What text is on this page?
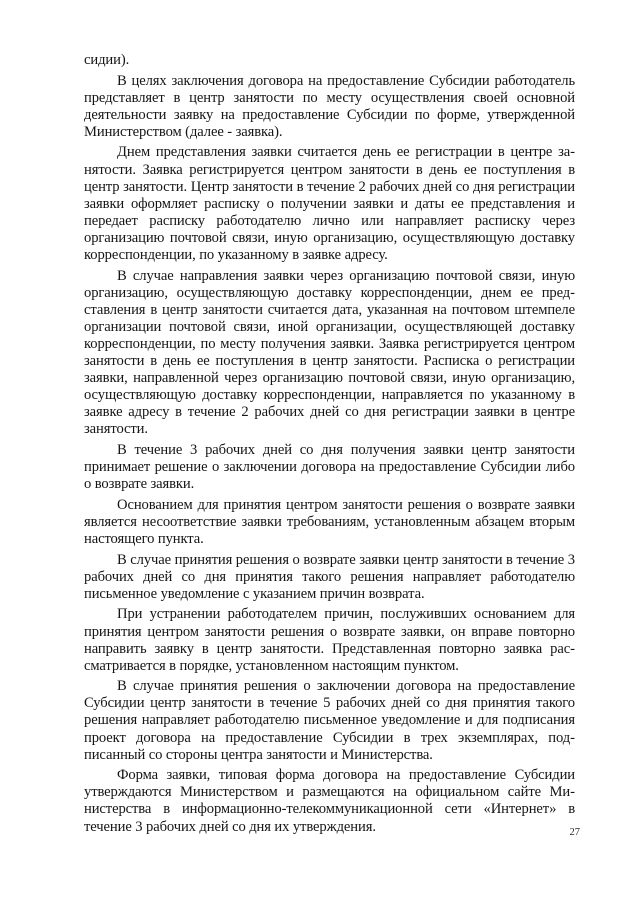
сидии).

В целях заключения договора на предоставление Субсидии работодатель представляет в центр занятости по месту осуществления своей основной деятельности заявку на предоставление Субсидии по форме, утвержденной Министерством (далее - заявка).

Днем представления заявки считается день ее регистрации в центре занятости. Заявка регистрируется центром занятости в день ее поступления в центр занятости. Центр занятости в течение 2 рабочих дней со дня регистрации заявки оформляет расписку о получении заявки и даты ее представления и передает расписку работодателю лично или направляет расписку через организацию почтовой связи, иную организацию, осуществляющую доставку корреспонденции, по указанному в заявке адресу.

В случае направления заявки через организацию почтовой связи, иную организацию, осуществляющую доставку корреспонденции, днем ее представления в центр занятости считается дата, указанная на почтовом штемпеле организации почтовой связи, иной организации, осуществляющей доставку корреспонденции, по месту получения заявки. Заявка регистрируется центром занятости в день ее поступления в центр занятости. Расписка о регистрации заявки, направленной через организацию почтовой связи, иную организацию, осуществляющую доставку корреспонденции, направляется по указанному в заявке адресу в течение 2 рабочих дней со дня регистрации заявки в центре занятости.

В течение 3 рабочих дней со дня получения заявки центр занятости принимает решение о заключении договора на предоставление Субсидии либо о возврате заявки.

Основанием для принятия центром занятости решения о возврате заявки является несоответствие заявки требованиям, установленным абзацем вторым настоящего пункта.

В случае принятия решения о возврате заявки центр занятости в течение 3 рабочих дней со дня принятия такого решения направляет работодателю письменное уведомление с указанием причин возврата.

При устранении работодателем причин, послуживших основанием для принятия центром занятости решения о возврате заявки, он вправе повторно направить заявку в центр занятости. Представленная повторно заявка рассматривается в порядке, установленном настоящим пунктом.

В случае принятия решения о заключении договора на предоставление Субсидии центр занятости в течение 5 рабочих дней со дня принятия такого решения направляет работодателю письменное уведомление и для подписания проект договора на предоставление Субсидии в трех экземплярах, подписанный со стороны центра занятости и Министерства.

Форма заявки, типовая форма договора на предоставление Субсидии утверждаются Министерством и размещаются на официальном сайте Министерства в информационно-телекоммуникационной сети «Интернет» в течение 3 рабочих дней со дня их утверждения.	27
